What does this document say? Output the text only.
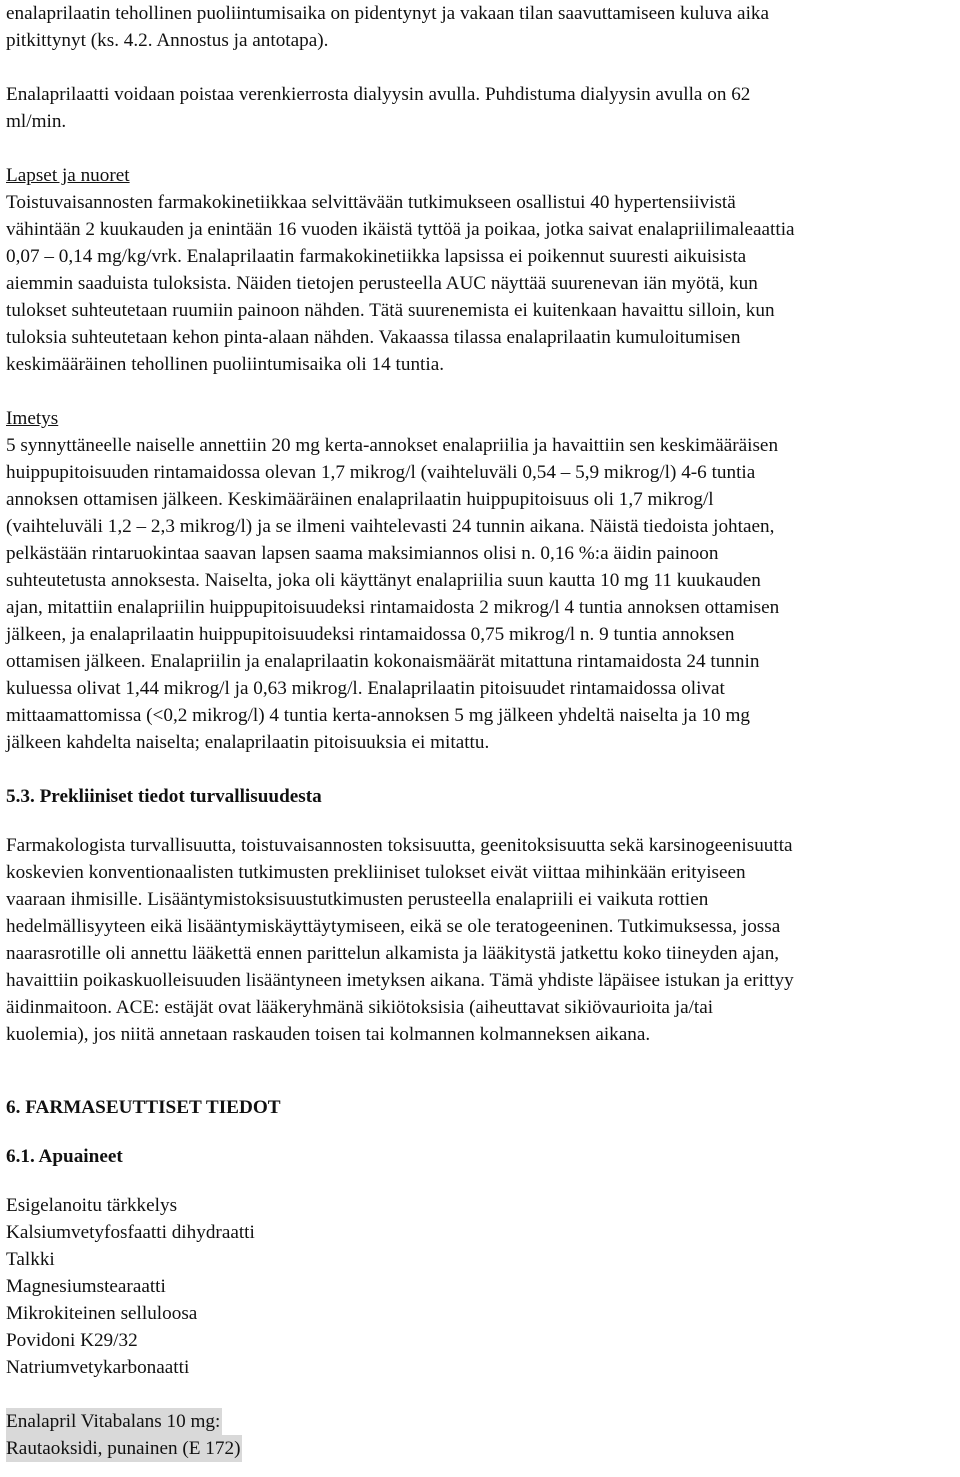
enalaprilaatin tehollinen puoliintumisaika on pidentynyt ja vakaan tilan saavuttamiseen kuluva aika

pitkittynyt (ks. 4.2. Annostus ja antotapa).

Enalaprilaatti voidaan poistaa verenkierrosta dialyysin avulla. Puhdistuma dialyysin avulla on 62

ml/min.

Lapset ja nuoret

Toistuvaisannosten farmakokinetiikkaa selvittävään tutkimukseen osallistui 40 hypertensiivistä

vähintään 2 kuukauden ja enintään 16 vuoden ikäistä tyttöä ja poikaa, jotka saivat enalapriilimaleaattia

0,07 – 0,14 mg/kg/vrk. Enalaprilaatin farmakokinetiikka lapsissa ei poikennut suuresti aikuisista

aiemmin saaduista tuloksista. Näiden tietojen perusteella AUC näyttää suurenevan iän myötä, kun

tulokset suhteutetaan ruumiin painoon nähden. Tätä suurenemista ei kuitenkaan havaittu silloin, kun

tuloksia suhteutetaan kehon pinta-alaan nähden. Vakaassa tilassa enalaprilaatin kumuloitumisen

keskimääräinen tehollinen puoliintumisaika oli 14 tuntia.

Imetys

5 synnyttäneelle naiselle annettiin 20 mg kerta-annokset enalapriilia ja havaittiin sen keskimääräisen

huippupitoisuuden rintamaidossa olevan 1,7 mikrog/l (vaihteluväli 0,54 – 5,9 mikrog/l) 4-6 tuntia

annoksen ottamisen jälkeen. Keskimääräinen enalaprilaatin huippupitoisuus oli 1,7 mikrog/l

(vaihteluväli 1,2 – 2,3 mikrog/l) ja se ilmeni vaihtelevasti 24 tunnin aikana. Näistä tiedoista johtaen,

pelkästään rintaruokintaa saavan lapsen saama maksimiannos olisi n. 0,16 %:a äidin painoon

suhteutetusta annoksesta. Naiselta, joka oli käyttänyt enalapriilia suun kautta 10 mg 11 kuukauden

ajan, mitattiin enalapriilin huippupitoisuudeksi rintamaidosta 2 mikrog/l 4 tuntia annoksen ottamisen

jälkeen, ja enalaprilaatin huippupitoisuudeksi rintamaidossa 0,75 mikrog/l n. 9 tuntia annoksen

ottamisen jälkeen. Enalapriilin ja enalaprilaatin kokonaismäärät mitattuna rintamaidosta 24 tunnin

kuluessa olivat 1,44 mikrog/l ja 0,63 mikrog/l. Enalaprilaatin pitoisuudet rintamaidossa olivat

mittaamattomissa (<0,2 mikrog/l) 4 tuntia kerta-annoksen 5 mg jälkeen yhdeltä naiselta ja 10 mg

jälkeen kahdelta naiselta; enalaprilaatin pitoisuuksia ei mitattu.

5.3. Prekliiniset tiedot turvallisuudesta

Farmakologista turvallisuutta, toistuvaisannosten toksisuutta, geenitoksisuutta sekä karsinogeenisuutta

koskevien konventionaalisten tutkimusten prekliiniset tulokset eivät viittaa mihinkään erityiseen

vaaraan ihmisille. Lisääntymistoksisuustutkimusten perusteella enalapriili ei vaikuta rottien

hedelmällisyyteen eikä lisääntymiskäyttäytymiseen, eikä se ole teratogeeninen. Tutkimuksessa, jossa

naarasrotille oli annettu lääkettä ennen parittelun alkamista ja lääkitystä jatkettu koko tiineyden ajan,

havaittiin poikaskuolleisuuden lisääntyneen imetyksen aikana. Tämä yhdiste läpäisee istukan ja erittyy

äidinmaitoon. ACE: estäjät ovat lääkeryhmänä sikiötoksisia (aiheuttavat sikiövaurioita ja/tai

kuolemia), jos niitä annetaan raskauden toisen tai kolmannen kolmanneksen aikana.

6. FARMASEUTTISET TIEDOT

6.1. Apuaineet

Esigelanoitu tärkkelys

Kalsiumvetyfosfaatti dihydraatti

Talkki

Magnesiumstearaatti

Mikrokiteinen selluloosa

Povidoni K29/32

Natriumvetykarbonaatti

Enalapril Vitabalans 10 mg:

Rautaoksidi, punainen (E 172)
